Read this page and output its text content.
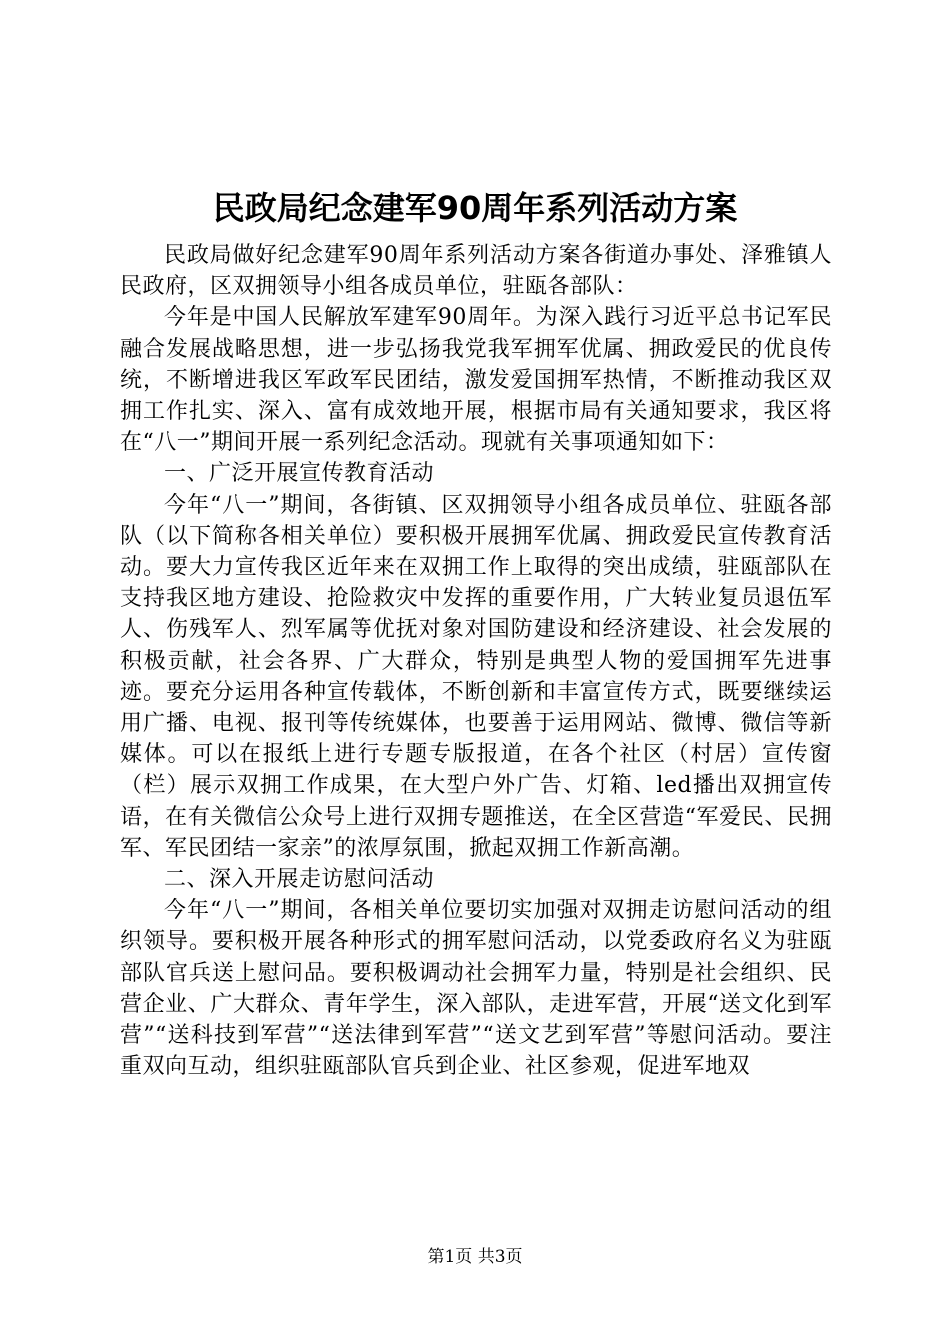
民政局纪念建军90周年系列活动方案

民政局做好纪念建军90周年系列活动方案各街道办事处、泽雅镇人民政府，区双拥领导小组各成员单位，驻瓯各部队：

今年是中国人民解放军建军90周年。为深入践行习近平总书记军民融合发展战略思想，进一步弘扬我党我军拥军优属、拥政爱民的优良传统，不断增进我区军政军民团结，激发爱国拥军热情，不断推动我区双拥工作扎实、深入、富有成效地开展，根据市局有关通知要求，我区将在“八一”期间开展一系列纪念活动。现就有关事项通知如下：

一、广泛开展宣传教育活动

今年“八一”期间，各街镇、区双拥领导小组各成员单位、驻瓯各部队（以下简称各相关单位）要积极开展拥军优属、拥政爱民宣传教育活动。要大力宣传我区近年来在双拥工作上取得的突出成绩，驻瓯部队在支持我区地方建设、抢险救灾中发挥的重要作用，广大转业复员退伍军人、伤残军人、烈军属等优抚对象对国防建设和经济建设、社会发展的积极贡献，社会各界、广大群众，特别是典型人物的爱国拥军先进事迹。要充分运用各种宣传载体，不断创新和丰富宣传方式，既要继续运用广播、电视、报刊等传统媒体，也要善于运用网站、微博、微信等新媒体。可以在报纸上进行专题专版报道，在各个社区（村居）宣传窗（栏）展示双拥工作成果，在大型户外广告、灯箱、led播出双拥宣传语，在有关微信公众号上进行双拥专题推送，在全区营造“军爱民、民拥军、军民团结一家亲”的浓厚氛围，掀起双拥工作新高潮。

二、深入开展走访慰问活动

今年“八一”期间，各相关单位要切实加强对双拥走访慰问活动的组织领导。要积极开展各种形式的拥军慰问活动，以党委政府名义为驻瓯部队官兵送上慰问品。要积极调动社会拥军力量，特别是社会组织、民营企业、广大群众、青年学生，深入部队，走进军营，开展“送文化到军营”“送科技到军营”“送法律到军营”“送文艺到军营”等慰问活动。要注重双向互动，组织驻瓯部队官兵到企业、社区参观，促进军地双

第1页 共3页
